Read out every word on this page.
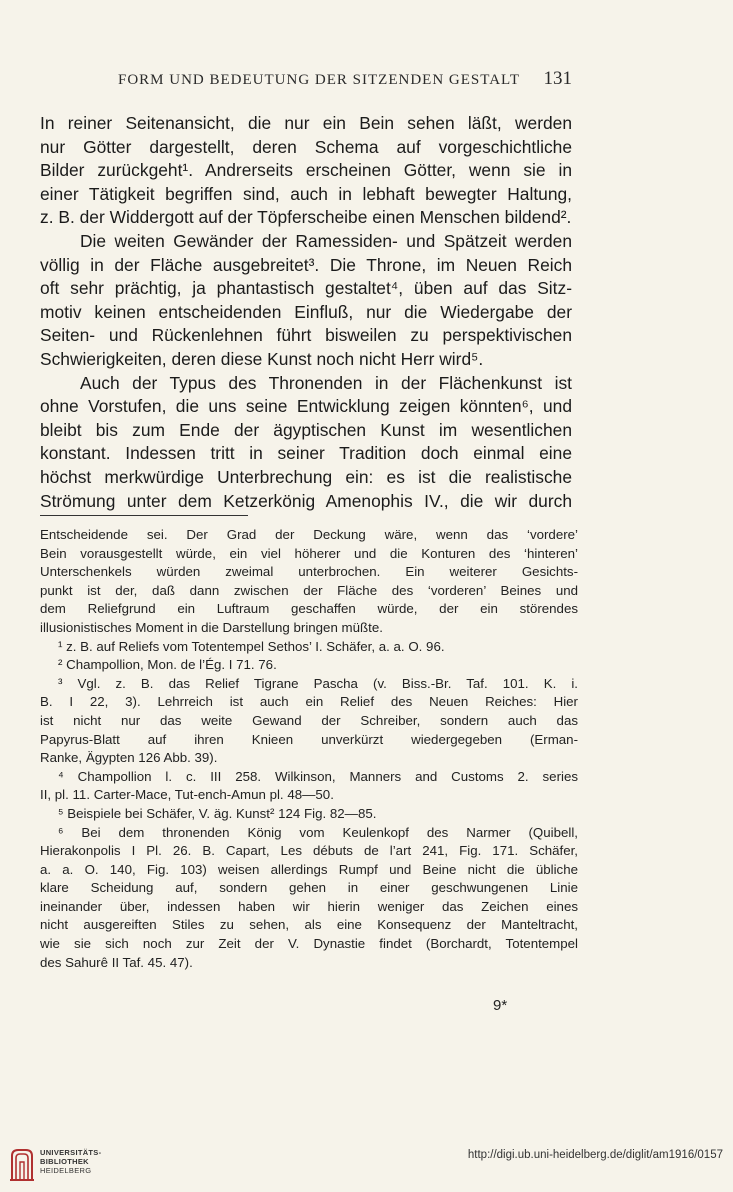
FORM UND BEDEUTUNG DER SITZENDEN GESTALT 131
In reiner Seitenansicht, die nur ein Bein sehen läßt, werden
nur Götter dargestellt, deren Schema auf vorgeschichtliche
Bilder zurückgeht¹. Andrerseits erscheinen Götter, wenn sie in
einer Tätigkeit begriffen sind, auch in lebhaft bewegter Haltung,
z. B. der Widdergott auf der Töpferscheibe einen Menschen bildend².
Die weiten Gewänder der Ramessiden- und Spätzeit werden
völlig in der Fläche ausgebreitet³. Die Throne, im Neuen Reich
oft sehr prächtig, ja phantastisch gestaltet⁴, üben auf das Sitz-
motiv keinen entscheidenden Einfluß, nur die Wiedergabe der
Seiten- und Rückenlehnen führt bisweilen zu perspektivischen
Schwierigkeiten, deren diese Kunst noch nicht Herr wird⁵.
Auch der Typus des Thronenden in der Flächenkunst ist
ohne Vorstufen, die uns seine Entwicklung zeigen könnten⁶, und
bleibt bis zum Ende der ägyptischen Kunst im wesentlichen
konstant. Indessen tritt in seiner Tradition doch einmal eine
höchst merkwürdige Unterbrechung ein: es ist die realistische
Strömung unter dem Ketzerkönig Amenophis IV., die wir durch
Entscheidende sei. Der Grad der Deckung wäre, wenn das ‘vordere’
Bein vorausgestellt würde, ein viel höherer und die Konturen des ‘hinteren’
Unterschenkels würden zweimal unterbrochen. Ein weiterer Gesichts-
punkt ist der, daß dann zwischen der Fläche des ‘vorderen’ Beines und
dem Reliefgrund ein Luftraum geschaffen würde, der ein störendes
illusionistisches Moment in die Darstellung bringen müßte.
¹ z. B. auf Reliefs vom Totentempel Sethos’ I. Schäfer, a. a. O. 96.
² Champollion, Mon. de l’Ég. I 71. 76.
³ Vgl. z. B. das Relief Tigrane Pascha (v. Biss.-Br. Taf. 101. K. i.
B. I 22, 3). Lehrreich ist auch ein Relief des Neuen Reiches: Hier
ist nicht nur das weite Gewand der Schreiber, sondern auch das
Papyrus-Blatt auf ihren Knieen unverkürzt wiedergegeben (Erman-
Ranke, Ägypten 126 Abb. 39).
⁴ Champollion l. c. III 258. Wilkinson, Manners and Customs 2. series
II, pl. 11. Carter-Mace, Tut-ench-Amun pl. 48—50.
⁵ Beispiele bei Schäfer, V. äg. Kunst² 124 Fig. 82—85.
⁶ Bei dem thronenden König vom Keulenkopf des Narmer (Quibell,
Hierakonpolis I Pl. 26. B. Capart, Les débuts de l’art 241, Fig. 171. Schäfer,
a. a. O. 140, Fig. 103) weisen allerdings Rumpf und Beine nicht die übliche
klare Scheidung auf, sondern gehen in einer geschwungenen Linie
ineinander über, indessen haben wir hierin weniger das Zeichen eines
nicht ausgereiften Stiles zu sehen, als eine Konsequenz der Manteltracht,
wie sie sich noch zur Zeit der V. Dynastie findet (Borchardt, Totentempel
des Sahurê II Taf. 45. 47).
9*
UNIVERSITÄTS-
BIBLIOTHEK
HEIDELBERG
http://digi.ub.uni-heidelberg.de/diglit/am1916/0157
